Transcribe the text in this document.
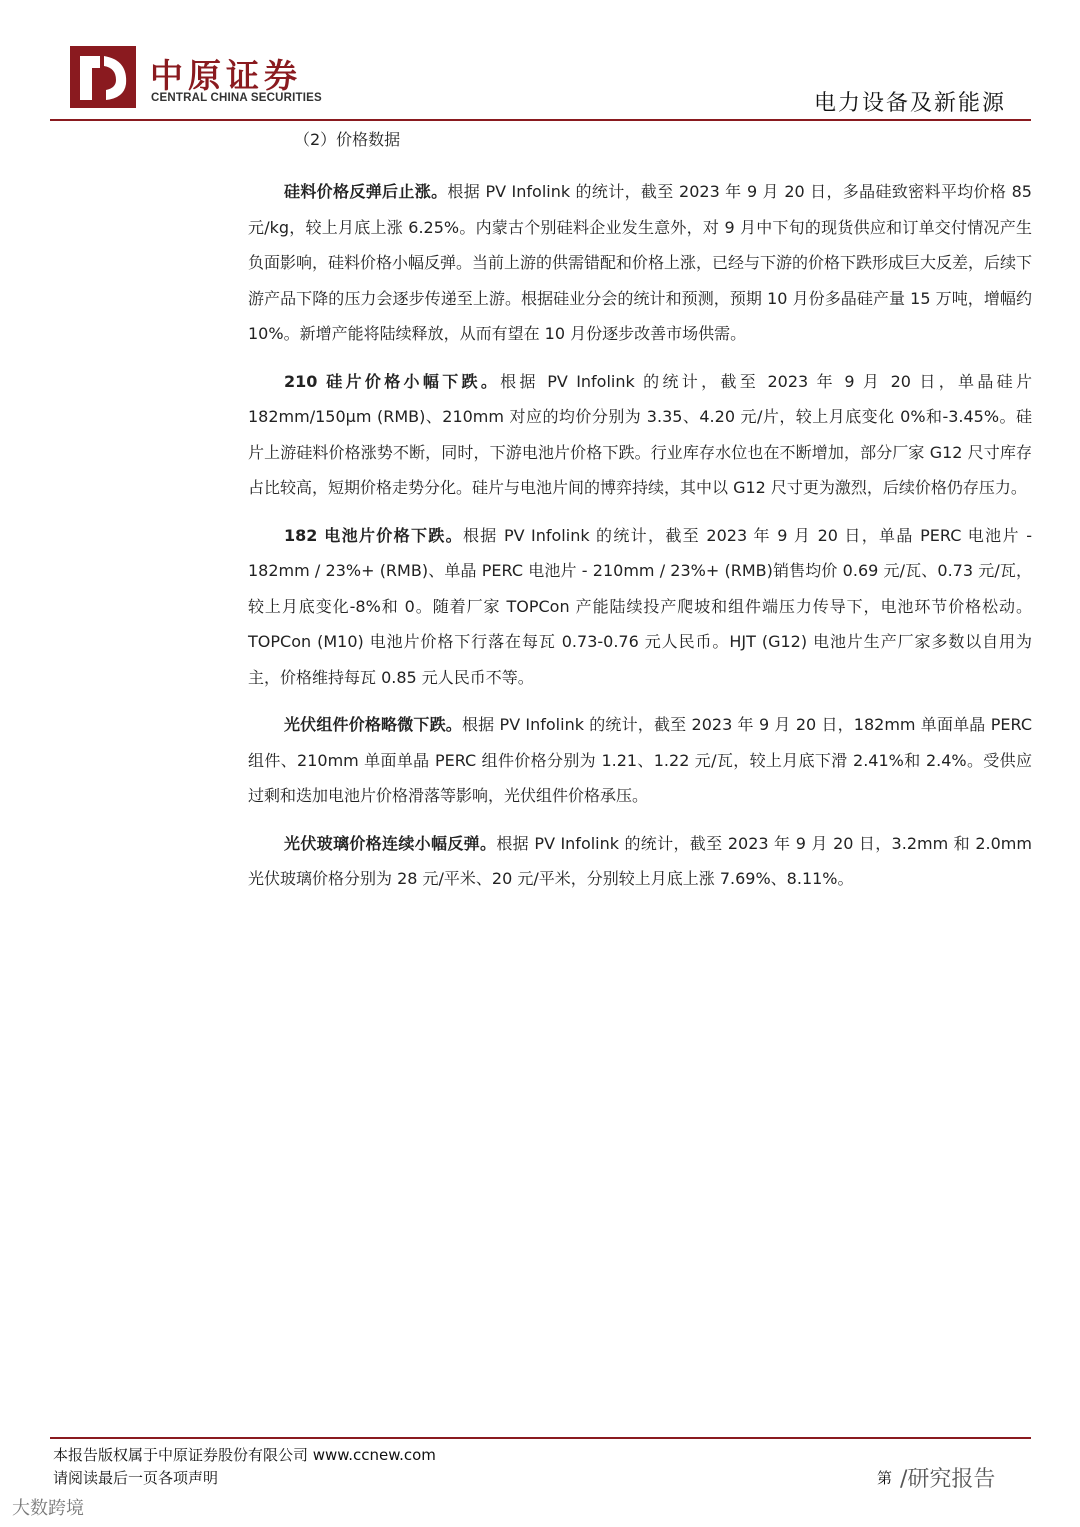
中原证券
CENTRAL CHINA SECURITIES	电力设备及新能源
（2）价格数据

硅料价格反弹后止涨。根据 PV Infolink 的统计，截至 2023 年 9 月 20 日，多晶硅致密料平均价格 85 元/kg，较上月底上涨 6.25%。内蒙古个别硅料企业发生意外，对 9 月中下旬的现货供应和订单交付情况产生负面影响，硅料价格小幅反弹。当前上游的供需错配和价格上涨，已经与下游的价格下跌形成巨大反差，后续下游产品下降的压力会逐步传递至上游。根据硅业分会的统计和预测，预期 10 月份多晶硅产量 15 万吨，增幅约 10%。新增产能将陆续释放，从而有望在 10 月份逐步改善市场供需。

210 硅片价格小幅下跌。根据 PV Infolink 的统计，截至 2023 年 9 月 20 日，单晶硅片 182mm/150μm (RMB)、210mm 对应的均价分别为 3.35、4.20 元/片，较上月底变化 0%和-3.45%。硅片上游硅料价格涨势不断，同时，下游电池片价格下跌。行业库存水位也在不断增加，部分厂家 G12 尺寸库存占比较高，短期价格走势分化。硅片与电池片间的博弈持续，其中以 G12 尺寸更为激烈，后续价格仍存压力。

182 电池片价格下跌。根据 PV Infolink 的统计，截至 2023 年 9 月 20 日，单晶 PERC 电池片 - 182mm / 23%+ (RMB)、单晶 PERC 电池片 - 210mm / 23%+ (RMB)销售均价 0.69 元/瓦、0.73 元/瓦，较上月底变化-8%和 0。随着厂家 TOPCon 产能陆续投产爬坡和组件端压力传导下，电池环节价格松动。TOPCon (M10) 电池片价格下行落在每瓦 0.73-0.76 元人民币。HJT (G12) 电池片生产厂家多数以自用为主，价格维持每瓦 0.85 元人民币不等。

光伏组件价格略微下跌。根据 PV Infolink 的统计，截至 2023 年 9 月 20 日，182mm 单面单晶 PERC 组件、210mm 单面单晶 PERC 组件价格分别为 1.21、1.22 元/瓦，较上月底下滑 2.41%和 2.4%。受供应过剩和迭加电池片价格滑落等影响，光伏组件价格承压。

光伏玻璃价格连续小幅反弹。根据 PV Infolink 的统计，截至 2023 年 9 月 20 日，3.2mm 和 2.0mm 光伏玻璃价格分别为 28 元/平米、20 元/平米，分别较上月底上涨 7.69%、8.11%。

本报告版权属于中原证券股份有限公司 www.ccnew.com
请阅读最后一页各项声明	第 /研究报告
大数跨境
